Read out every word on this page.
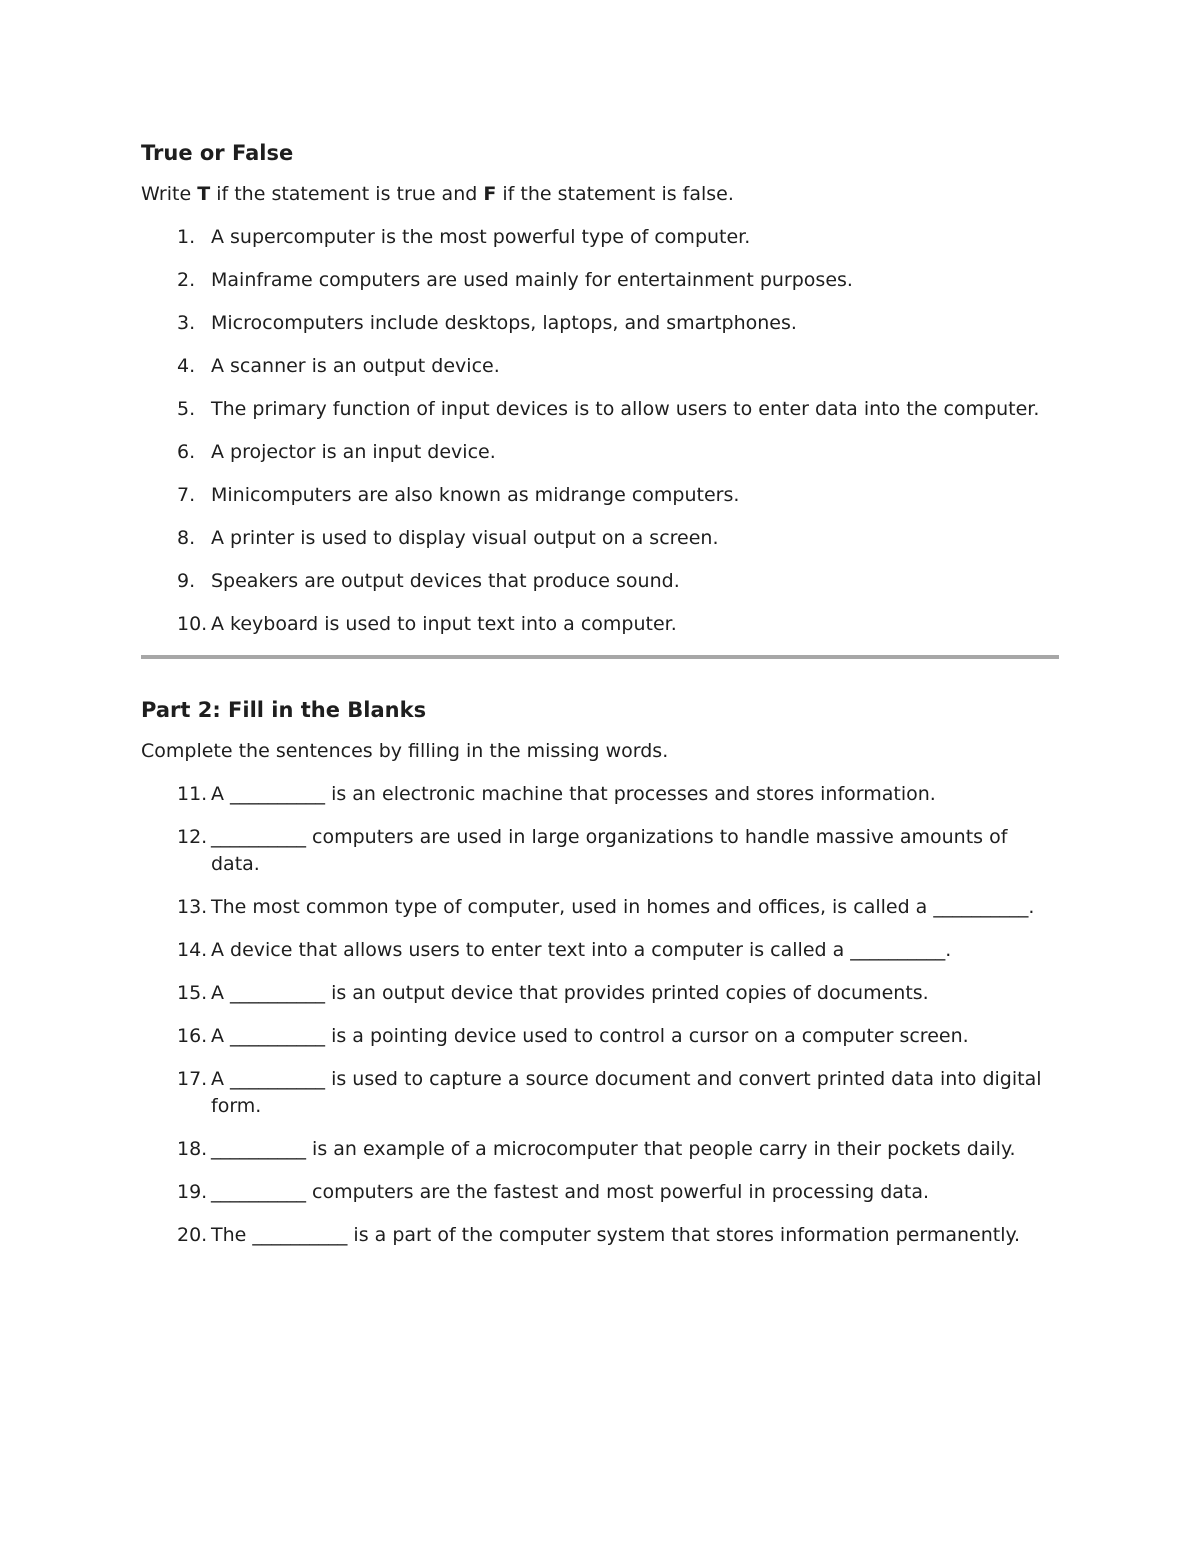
True or False

Write T if the statement is true and F if the statement is false.

1. A supercomputer is the most powerful type of computer.
2. Mainframe computers are used mainly for entertainment purposes.
3. Microcomputers include desktops, laptops, and smartphones.
4. A scanner is an output device.
5. The primary function of input devices is to allow users to enter data into the computer.
6. A projector is an input device.
7. Minicomputers are also known as midrange computers.
8. A printer is used to display visual output on a screen.
9. Speakers are output devices that produce sound.
10. A keyboard is used to input text into a computer.
Part 2: Fill in the Blanks

Complete the sentences by filling in the missing words.

11. A __________ is an electronic machine that processes and stores information.
12. __________ computers are used in large organizations to handle massive amounts of data.
13. The most common type of computer, used in homes and offices, is called a __________.
14. A device that allows users to enter text into a computer is called a __________.
15. A __________ is an output device that provides printed copies of documents.
16. A __________ is a pointing device used to control a cursor on a computer screen.
17. A __________ is used to capture a source document and convert printed data into digital form.
18. __________ is an example of a microcomputer that people carry in their pockets daily.
19. __________ computers are the fastest and most powerful in processing data.
20. The __________ is a part of the computer system that stores information permanently.
